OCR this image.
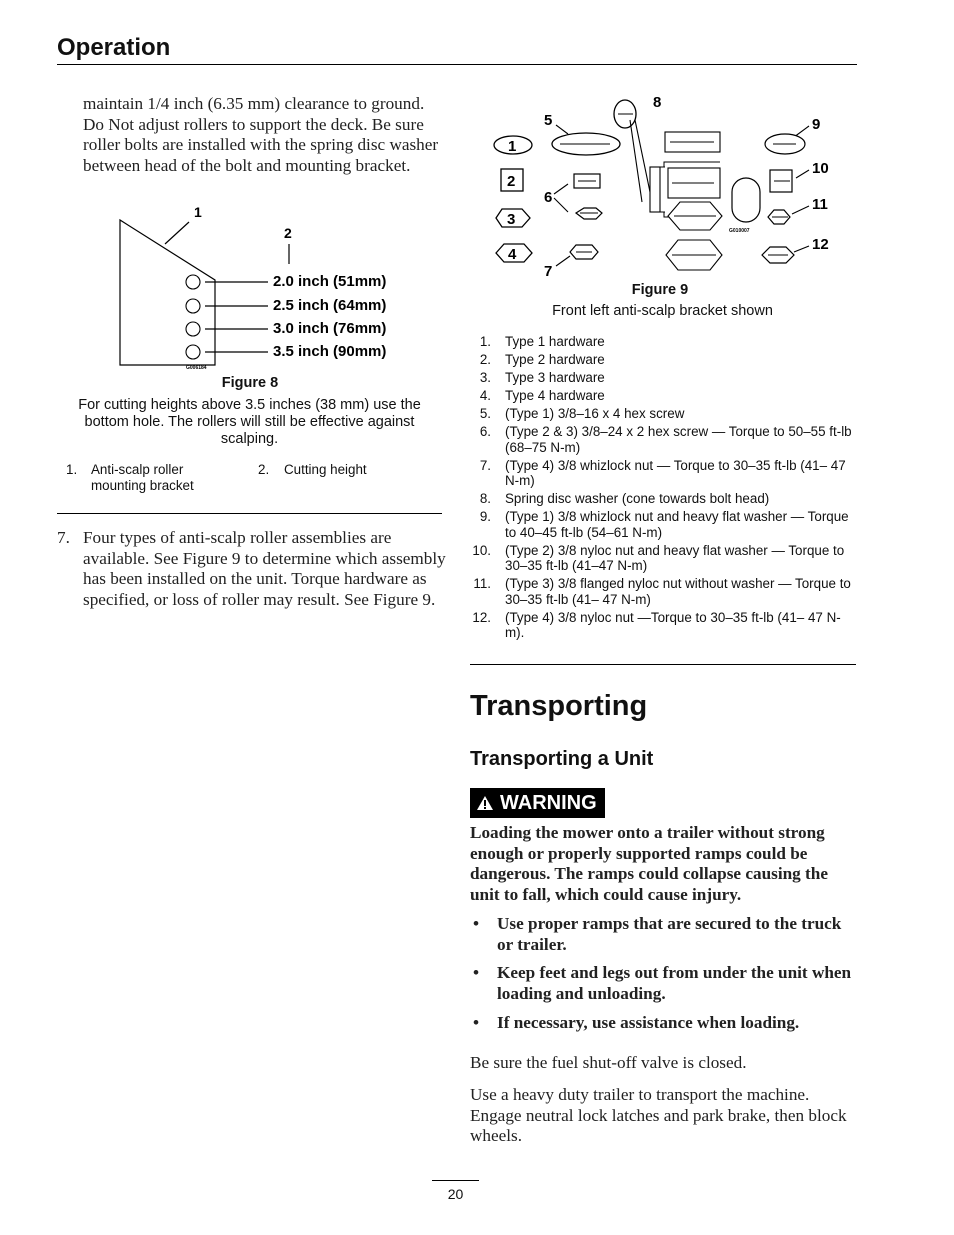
Operation
maintain 1/4 inch (6.35 mm) clearance to ground. Do Not adjust rollers to support the deck. Be sure roller bolts are installed with the spring disc washer between head of the bolt and mounting bracket.
1
2
2.0 inch (51mm)
2.5 inch (64mm)
3.0 inch (76mm)
3.5 inch (90mm)
G006184
Figure 8
For cutting heights above 3.5 inches (38 mm) use the bottom hole. The rollers will still be effective against scalping.
1. Anti-scalp roller mounting bracket
2. Cutting height
7. Four types of anti-scalp roller assemblies are available. See Figure 9 to determine which assembly has been installed on the unit. Torque hardware as specified, or loss of roller may result. See Figure 9.
1
2
3
4
5
8
6
7
G010007
9
10
11
12
Figure 9
Front left anti-scalp bracket shown
1. Type 1 hardware
2. Type 2 hardware
3. Type 3 hardware
4. Type 4 hardware
5. (Type 1) 3/8–16 x 4 hex screw
6. (Type 2 & 3) 3/8–24 x 2 hex screw — Torque to 50–55 ft-lb (68–75 N-m)
7. (Type 4) 3/8 whizlock nut — Torque to 30–35 ft-lb (41– 47 N-m)
8. Spring disc washer (cone towards bolt head)
9. (Type 1) 3/8 whizlock nut and heavy flat washer — Torque to 40–45 ft-lb (54–61 N-m)
10. (Type 2) 3/8 nyloc nut and heavy flat washer — Torque to 30–35 ft-lb (41–47 N-m)
11. (Type 3) 3/8 flanged nyloc nut without washer — Torque to 30–35 ft-lb (41– 47 N-m)
12. (Type 4) 3/8 nyloc nut —Torque to 30–35 ft-lb (41– 47 N-m).
Transporting
Transporting a Unit
WARNING
Loading the mower onto a trailer without strong enough or properly supported ramps could be dangerous. The ramps could collapse causing the unit to fall, which could cause injury.
• Use proper ramps that are secured to the truck or trailer.
• Keep feet and legs out from under the unit when loading and unloading.
• If necessary, use assistance when loading.
Be sure the fuel shut-off valve is closed.
Use a heavy duty trailer to transport the machine. Engage neutral lock latches and park brake, then block wheels.
20
